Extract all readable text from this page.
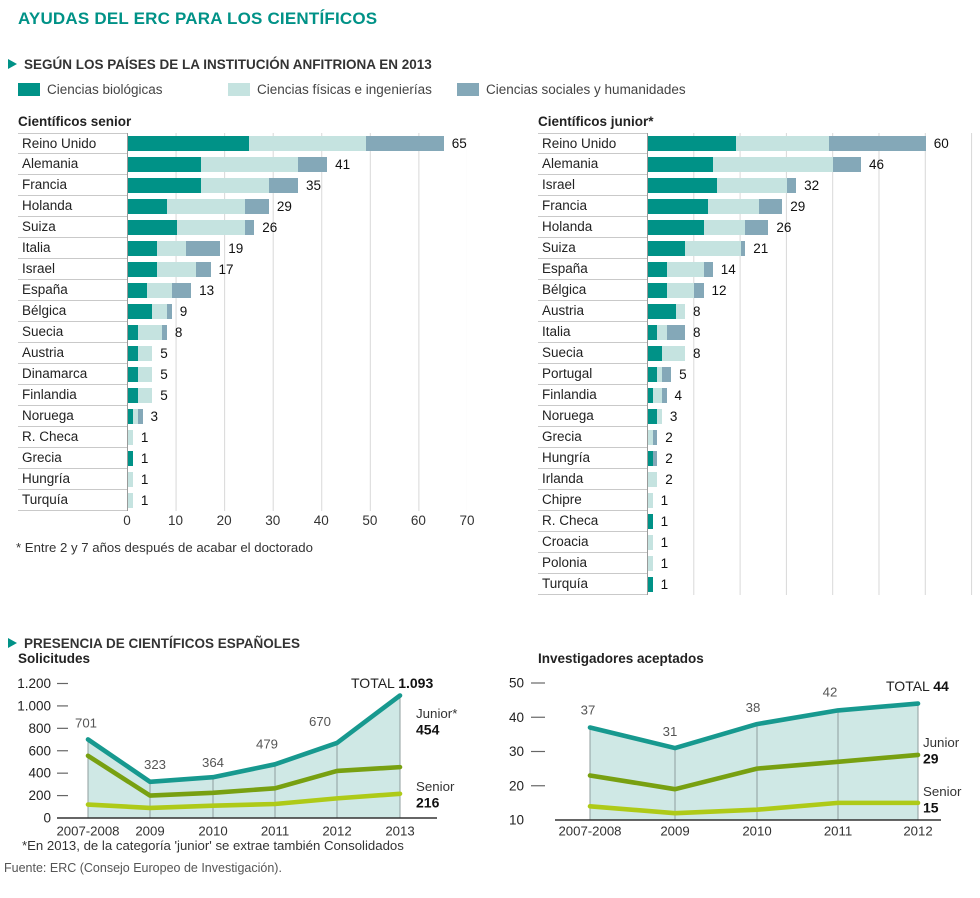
AYUDAS DEL ERC PARA LOS CIENTÍFICOS
SEGÚN LOS PAÍSES DE LA INSTITUCIÓN ANFITRIONA EN 2013
Ciencias biológicas	Ciencias físicas e ingenierías	Ciencias sociales y humanidades
Científicos senior	Científicos junior*
Reino Unido	65
Alemania	41
Francia	35
Holanda	29
Suiza	26
Italia	19
Israel	17
España	13
Bélgica	9
Suecia	8
Austria	5
Dinamarca	5
Finlandia	5
Noruega	3
R. Checa	1
Grecia	1
Hungría	1
Turquía	1
Reino Unido	60
Alemania	46
Israel	32
Francia	29
Holanda	26
Suiza	21
España	14
Bélgica	12
Austria	8
Italia	8
Suecia	8
Portugal	5
Finlandia	4
Noruega	3
Grecia	2
Hungría	2
Irlanda	2
Chipre	1
R. Checa	1
Croacia	1
Polonia	1
Turquía	1
0	10 20 30 40 50 60 70
* Entre 2 y 7 años después de acabar el doctorado
PRESENCIA DE CIENTÍFICOS ESPAÑOLES
Solicitudes	Investigadores aceptados
1.200
1.000
800
600
400
200
0
2007-2008 2009	2010	2011	2012	2013
701
323	364
479
670
TOTAL 1.093
Junior*
454
Senior
216
50
40
30
20
10
2007-2008	2009	2010	2011	2012
37
31
38
42	TOTAL 44
Junior
29
Senior
15
*En 2013, de la categoría 'junior' se extrae también Consolidados
Fuente: ERC (Consejo Europeo de Investigación).
